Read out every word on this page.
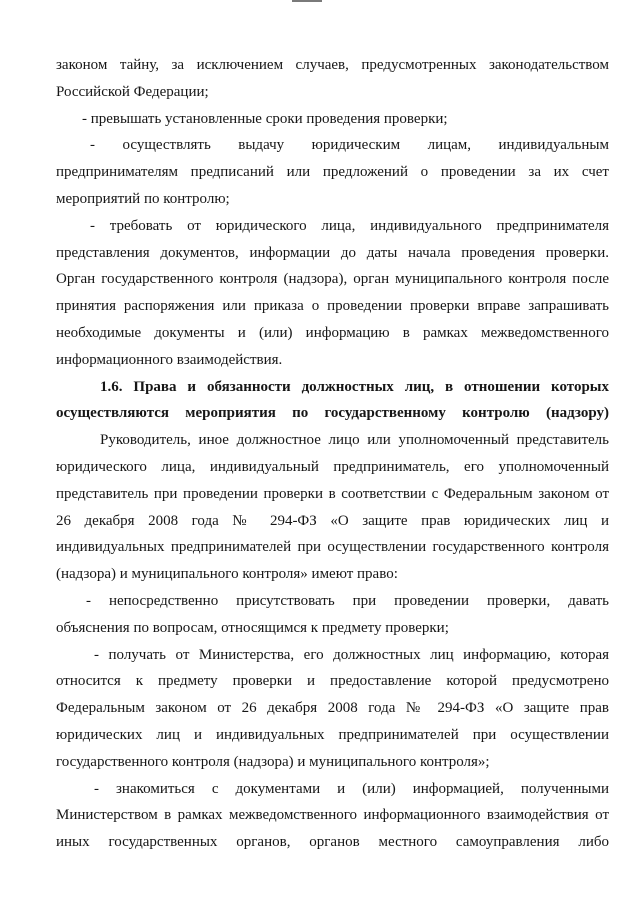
законом тайну, за исключением случаев, предусмотренных законодательством
Российской Федерации;
- превышать установленные сроки проведения проверки;
- осуществлять выдачу юридическим лицам, индивидуальным
предпринимателям предписаний или предложений о проведении за их счет
мероприятий по контролю;
- требовать от юридического лица, индивидуального предпринимателя
представления документов, информации до даты начала проведения проверки.
Орган государственного контроля (надзора), орган муниципального контроля после
принятия распоряжения или приказа о проведении проверки вправе запрашивать
необходимые документы и (или) информацию в рамках межведомственного
информационного взаимодействия.
1.6. Права и обязанности должностных лиц, в отношении которых
осуществляются мероприятия по государственному контролю (надзору)
Руководитель, иное должностное лицо или уполномоченный представитель
юридического лица, индивидуальный предприниматель, его уполномоченный
представитель при проведении проверки в соответствии с Федеральным законом от
26 декабря 2008 года № 294-ФЗ «О защите прав юридических лиц и
индивидуальных предпринимателей при осуществлении государственного контроля
(надзора) и муниципального контроля» имеют право:
- непосредственно присутствовать при проведении проверки, давать
объяснения по вопросам, относящимся к предмету проверки;
- получать от Министерства, его должностных лиц информацию, которая
относится к предмету проверки и предоставление которой предусмотрено
Федеральным законом от 26 декабря 2008 года № 294-ФЗ «О защите прав
юридических лиц и индивидуальных предпринимателей при осуществлении
государственного контроля (надзора) и муниципального контроля»;
- знакомиться с документами и (или) информацией, полученными
Министерством в рамках межведомственного информационного взаимодействия от
иных государственных органов, органов местного самоуправления либо
